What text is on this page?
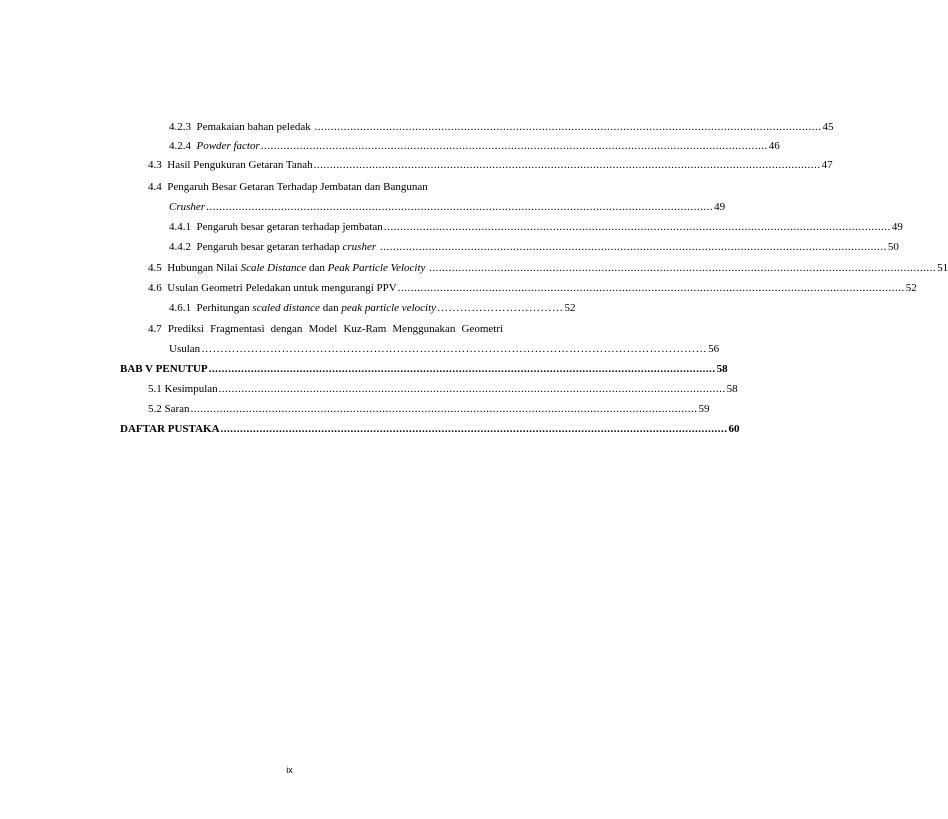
4.2.3 Pemakaian bahan peledak ............................................................................................................................................................ 45
4.2.4 Powder factor ............................................................................................................................................................ 46
4.3 Hasil Pengukuran Getaran Tanah ............................................................................................................................................................ 47
4.4 Pengaruh Besar Getaran Terhadap Jembatan dan Bangunan
Crusher ............................................................................................................................................................ 49
4.4.1 Pengaruh besar getaran terhadap jembatan ............................................................................................................................................................ 49
4.4.2 Pengaruh besar getaran terhadap crusher ............................................................................................................................................................ 50
4.5 Hubungan Nilai Scale Distance dan Peak Particle Velocity ............................................................................................................................................................ 51
4.6 Usulan Geometri Peledakan untuk mengurangi PPV ............................................................................................................................................................ 52
4.6.1 Perhitungan scaled distance dan peak particle velocity …………………………… 52
4.7 Prediksi Fragmentasi dengan Model Kuz-Ram Menggunakan Geometri
Usulan …………………………………………………………………………………………………………………… 56
BAB V PENUTUP ............................................................................................................................................................ 58
5.1 Kesimpulan ............................................................................................................................................................ 58
5.2 Saran ............................................................................................................................................................ 59
DAFTAR PUSTAKA ............................................................................................................................................................ 60
ix
